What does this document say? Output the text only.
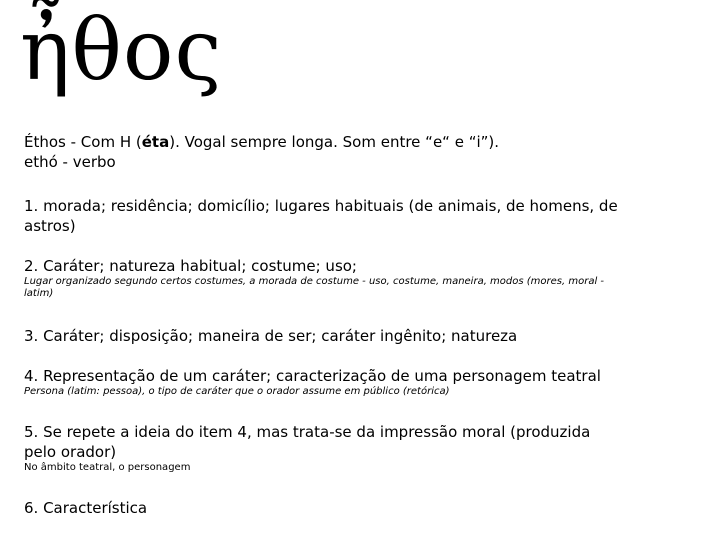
ἦθος

Éthos - Com H (éta). Vogal sempre longa. Som entre “e“ e “i”).

ethó - verbo

1. morada; residência; domicílio; lugares habituais (de animais, de homens, de astros)

2. Caráter; natureza habitual; costume; uso;

Lugar organizado segundo certos costumes, a morada de costume - uso, costume, maneira, modos (mores, moral - latim)

3. Caráter; disposição; maneira de ser; caráter ingênito; natureza

4. Representação de um caráter; caracterização de uma personagem teatral

Persona (latim: pessoa), o tipo de caráter que o orador assume em público (retórica)

5. Se repete a ideia do item 4, mas trata-se da impressão moral (produzida pelo orador)

No âmbito teatral, o personagem

6. Característica
